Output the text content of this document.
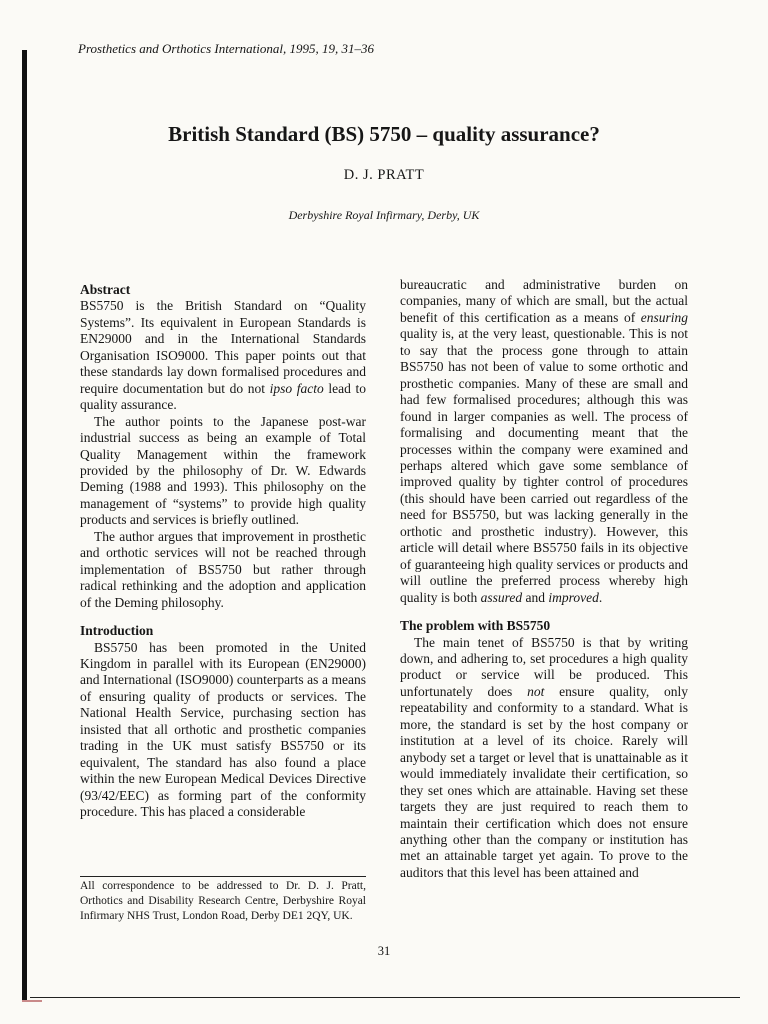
Prosthetics and Orthotics International, 1995, 19, 31–36
British Standard (BS) 5750 – quality assurance?
D. J. PRATT
Derbyshire Royal Infirmary, Derby, UK
Abstract

BS5750 is the British Standard on “Quality Systems”. Its equivalent in European Standards is EN29000 and in the International Standards Organisation ISO9000. This paper points out that these standards lay down formalised procedures and require documentation but do not ipso facto lead to quality assurance.

The author points to the Japanese post-war industrial success as being an example of Total Quality Management within the framework provided by the philosophy of Dr. W. Edwards Deming (1988 and 1993). This philosophy on the management of “systems” to provide high quality products and services is briefly outlined.

The author argues that improvement in prosthetic and orthotic services will not be reached through implementation of BS5750 but rather through radical rethinking and the adoption and application of the Deming philosophy.

Introduction

BS5750 has been promoted in the United Kingdom in parallel with its European (EN29000) and International (ISO9000) counterparts as a means of ensuring quality of products or services. The National Health Service, purchasing section has insisted that all orthotic and prosthetic companies trading in the UK must satisfy BS5750 or its equivalent, The standard has also found a place within the new European Medical Devices Directive (93/42/EEC) as forming part of the conformity procedure. This has placed a considerable

All correspondence to be addressed to Dr. D. J. Pratt, Orthotics and Disability Research Centre, Derbyshire Royal Infirmary NHS Trust, London Road, Derby DE1 2QY, UK.

bureaucratic and administrative burden on companies, many of which are small, but the actual benefit of this certification as a means of ensuring quality is, at the very least, questionable. This is not to say that the process gone through to attain BS5750 has not been of value to some orthotic and prosthetic companies. Many of these are small and had few formalised procedures; although this was found in larger companies as well. The process of formalising and documenting meant that the processes within the company were examined and perhaps altered which gave some semblance of improved quality by tighter control of procedures (this should have been carried out regardless of the need for BS5750, but was lacking generally in the orthotic and prosthetic industry). However, this article will detail where BS5750 fails in its objective of guaranteeing high quality services or products and will outline the preferred process whereby high quality is both assured and improved.

The problem with BS5750

The main tenet of BS5750 is that by writing down, and adhering to, set procedures a high quality product or service will be produced. This unfortunately does not ensure quality, only repeatability and conformity to a standard. What is more, the standard is set by the host company or institution at a level of its choice. Rarely will anybody set a target or level that is unattainable as it would immediately invalidate their certification, so they set ones which are attainable. Having set these targets they are just required to reach them to maintain their certification which does not ensure anything other than the company or institution has met an attainable target yet again. To prove to the auditors that this level has been attained and

31
